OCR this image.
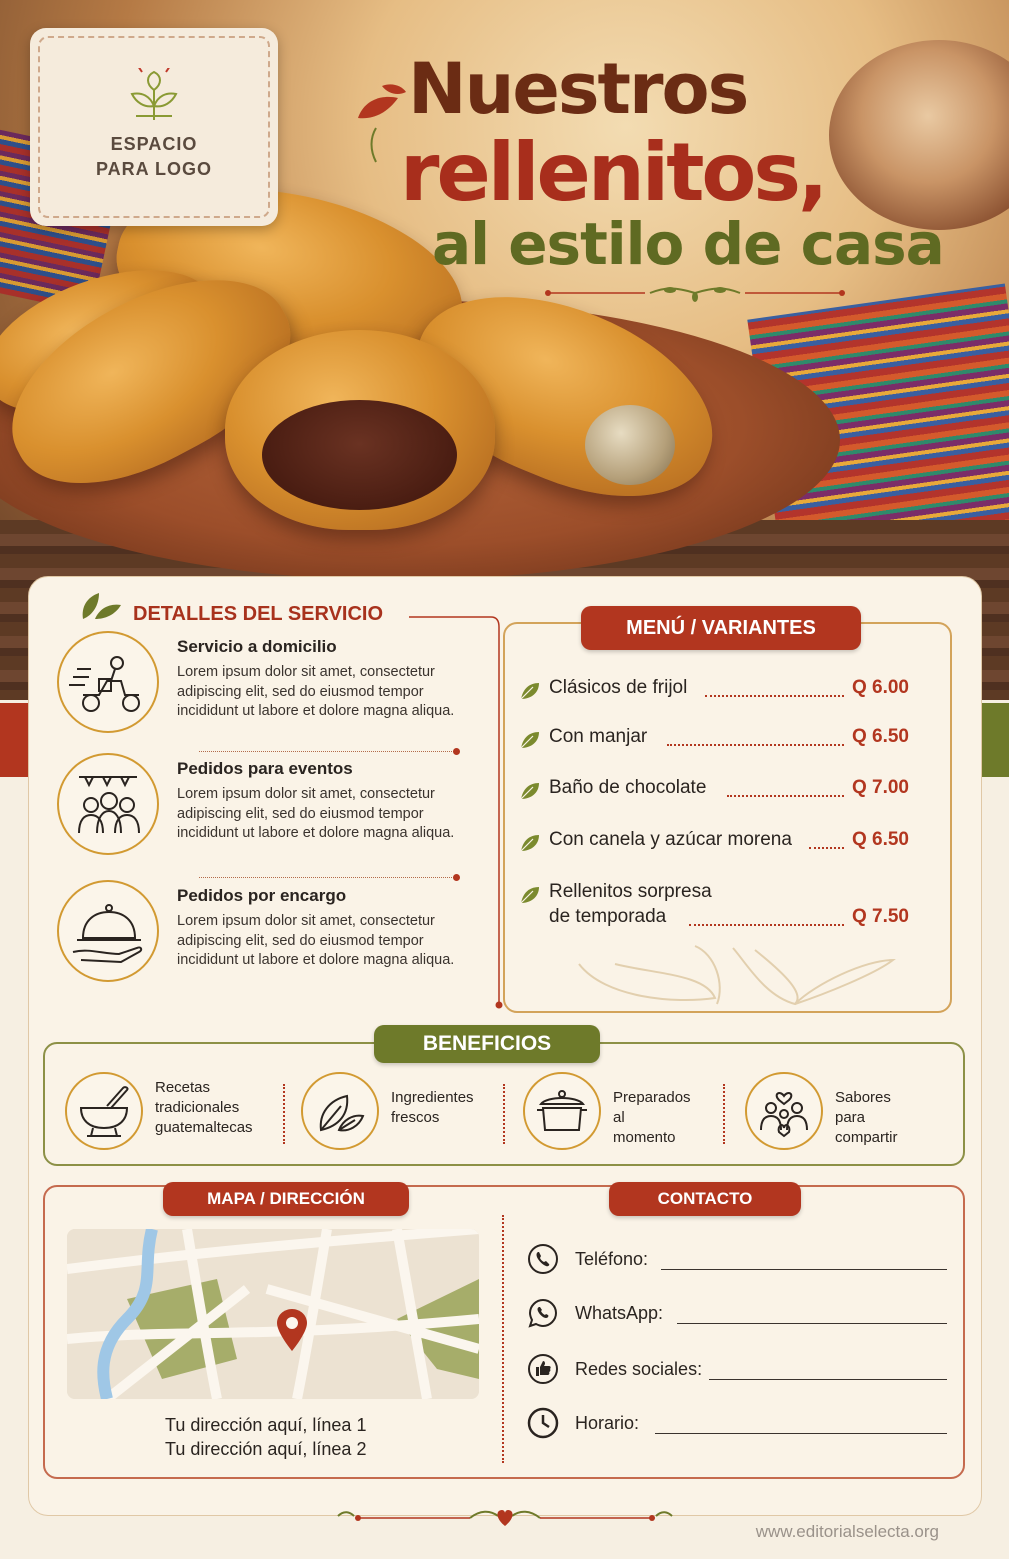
ESPACIO
PARA LOGO
Nuestros
rellenitos,
al estilo de casa
DETALLES DEL SERVICIO
Servicio a domicilio
Lorem ipsum dolor sit amet, consectetur adipiscing elit, sed do eiusmod tempor incididunt ut labore et dolore magna aliqua.
Pedidos para eventos
Lorem ipsum dolor sit amet, consectetur adipiscing elit, sed do eiusmod tempor incididunt ut labore et dolore magna aliqua.
Pedidos por encargo
Lorem ipsum dolor sit amet, consectetur adipiscing elit, sed do eiusmod tempor incididunt ut labore et dolore magna aliqua.
MENÚ / VARIANTES
Clásicos de frijol	Q 6.00
Con manjar	Q 6.50
Baño de chocolate	Q 7.00
Con canela y azúcar morena	Q 6.50
Rellenitos sorpresa
de temporada	Q 7.50
Recetas
tradicionales
guatemaltecas
Ingredientes
frescos
Preparados
al momento
Sabores para
compartir
BENEFICIOS
Tu dirección aquí, línea 1
Tu dirección aquí, línea 2
Teléfono:
WhatsApp:
Redes sociales:
Horario:
MAPA / DIRECCIÓN	CONTACTO
www.editorialselecta.org
